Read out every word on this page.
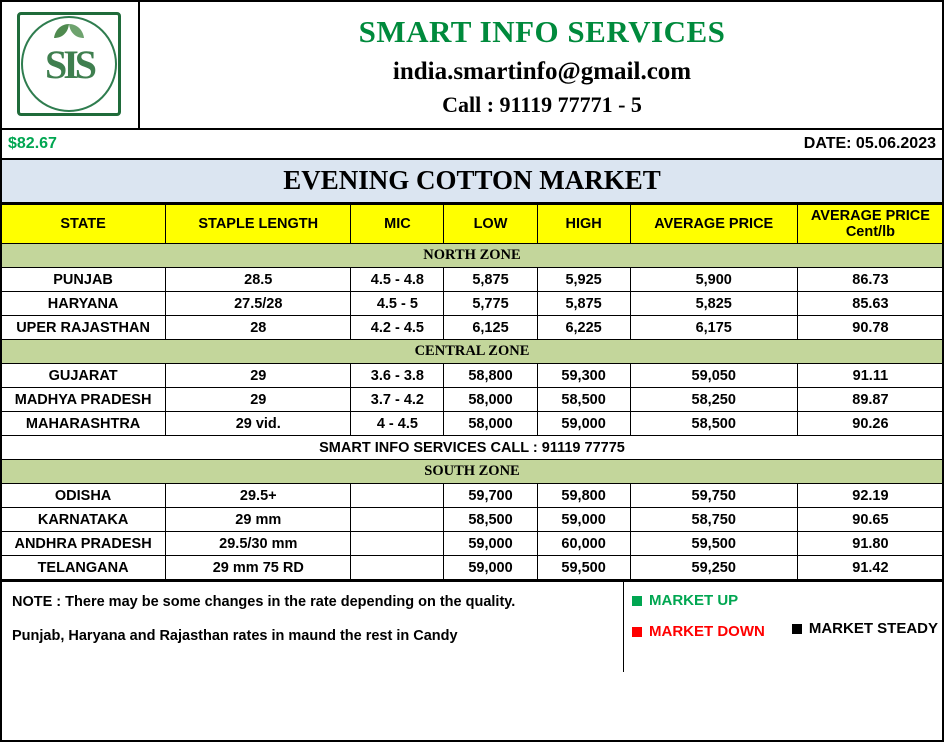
SIS
SMART INFO SERVICES
india.smartinfo@gmail.com
Call : 91119 77771 - 5
$82.67	DATE: 05.06.2023
EVENING COTTON MARKET
STATE	STAPLE LENGTH	MIC	LOW	HIGH	AVERAGE PRICE	AVERAGE PRICE
Cent/lb
NORTH ZONE						
PUNJAB	28.5	4.5 - 4.8	5,875	5,925	5,900	86.73
HARYANA	27.5/28	4.5 - 5	5,775	5,875	5,825	85.63
UPER RAJASTHAN	28	4.2 - 4.5	6,125	6,225	6,175	90.78
CENTRAL ZONE						
GUJARAT	29	3.6 - 3.8	58,800	59,300	59,050	91.11
MADHYA PRADESH	29	3.7 - 4.2	58,000	58,500	58,250	89.87
MAHARASHTRA	29 vid.	4 - 4.5	58,000	59,000	58,500	90.26
SMART INFO SERVICES CALL : 91119 77775						
SOUTH ZONE						
ODISHA	29.5+		59,700	59,800	59,750	92.19
KARNATAKA	29 mm		58,500	59,000	58,750	90.65
ANDHRA PRADESH	29.5/30 mm		59,000	60,000	59,500	91.80
TELANGANA	29 mm 75 RD		59,000	59,500	59,250	91.42
NOTE : There may be some changes in the rate depending on the quality.
Punjab, Haryana and Rajasthan rates in maund the rest in Candy
MARKET UP
MARKET DOWN	MARKET STEADY
